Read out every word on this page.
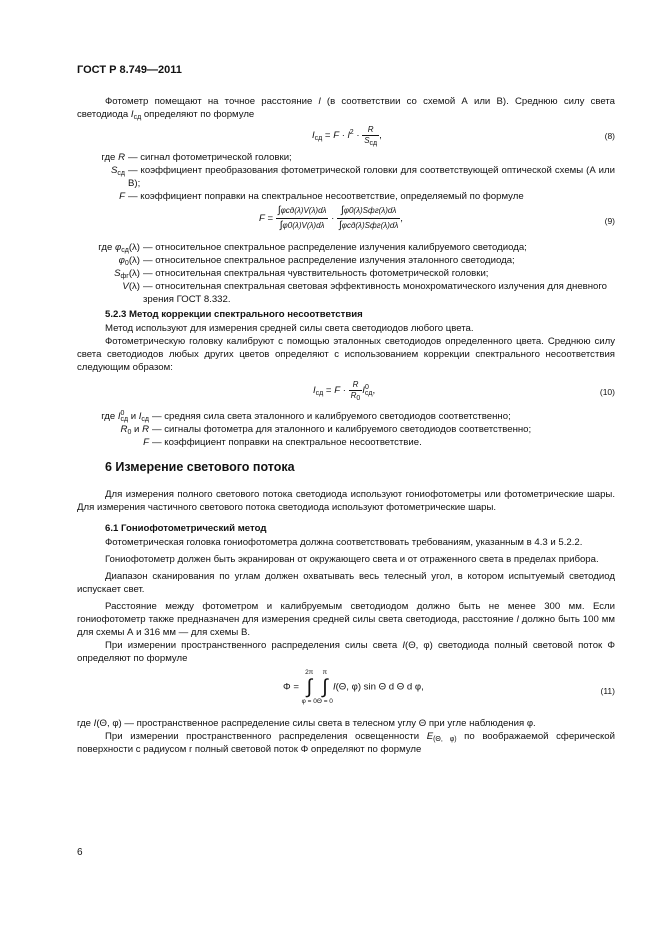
ГОСТ Р 8.749—2011

Фотометр помещают на точное расстояние l (в соответствии со схемой А или В). Среднюю силу света светодиода $I_{сд}$ определяют по формуле

$I_{сд} = F \cdot l^2 \cdot \frac{R}{S_{сд}}$ ,	(8)
где R — сигнал фотометрической головки;
$S_{сд}$ — коэффициент преобразования фотометрической головки для соответствующей оптической схемы (А или В);
F — коэффициент поправки на спектральное несоответствие, определяемый по формуле
$F = \frac{\text{∫φсд(λ)V(λ)dλ}}{\int\varphi 0(\lambda)V(\lambda)d\lambda} \cdot \frac{\text{∫φ0(λ)Sфг(λ)dλ}}{\text{∫φсд(λ)Sфг(λ)dλ}}$ ,	(9)
где $\varphi_{сд}(\lambda)$ — относительное спектральное распределение излучения калибруемого светодиода;
$\varphi_0(\lambda)$ — относительное спектральное распределение излучения эталонного светодиода;
$S_{фг}(\lambda)$ — относительная спектральная чувствительность фотометрической головки;
V(λ) — относительная спектральная световая эффективность монохроматического излучения для дневного зрения ГОСТ 8.332.
5.2.3 Метод коррекции спектрального несоответствия

Метод используют для измерения средней силы света светодиодов любого цвета.

Фотометрическую головку калибруют с помощью эталонных светодиодов определенного цвета. Среднюю силу света светодиодов любых других цветов определяют с использованием коррекции спектрального несоответствия следующим образом:

$I_{сд} = F \cdot \frac{R}{R_0} I^0_{сд}$,	(10)
где $I^0_{сд}$ и $I_{сд}$ — средняя сила света эталонного и калибруемого светодиодов соответственно;
$R_0$ и R — сигналы фотометра для эталонного и калибруемого светодиодов соответственно;
F — коэффициент поправки на спектральное несоответствие.
6 Измерение светового потока

Для измерения полного светового потока светодиода используют гониофотометры или фотометрические шары. Для измерения частичного светового потока светодиода используют фотометрические шары.

6.1 Гониофотометрический метод

Фотометрическая головка гониофотометра должна соответствовать требованиям, указанным в 4.3 и 5.2.2.

Гониофотометр должен быть экранирован от окружающего света и от отраженного света в пределах прибора.

Диапазон сканирования по углам должен охватывать весь телесный угол, в котором испытуемый светодиод испускает свет.

Расстояние между фотометром и калибруемым светодиодом должно быть не менее 300 мм. Если гониофотометр также предназначен для измерения средней силы света светодиода, расстояние l должно быть 100 мм для схемы А и 316 мм — для схемы В.

При измерении пространственного распределения силы света I(Θ, φ) светодиода полный световой поток Φ определяют по формуле

Φ =
2π
∫
φ = 0
π
∫
Θ = 0
I(Θ, φ) sin Θ d Θ d φ,	(11)

где I(Θ, φ) — пространственное распределение силы света в телесном углу Θ при угле наблюдения φ.

При измерении пространственного распределения освещенности $E_{(\Theta, \varphi)}$ по воображаемой сферической поверхности с радиусом r полный световой поток Φ определяют по формуле

6
